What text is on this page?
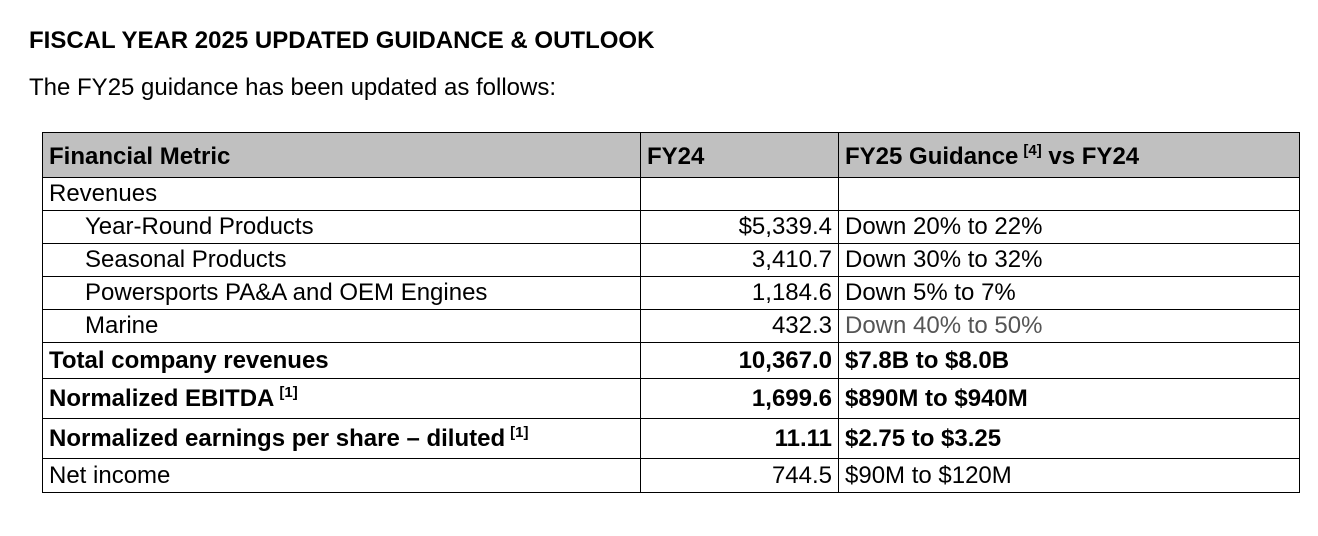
FISCAL YEAR 2025 UPDATED GUIDANCE & OUTLOOK
The FY25 guidance has been updated as follows:
Financial Metric	FY24	FY25 Guidance [4] vs FY24
Revenues		
Year-Round Products	$5,339.4	Down 20% to 22%
Seasonal Products	3,410.7	Down 30% to 32%
Powersports PA&A and OEM Engines	1,184.6	Down 5% to 7%
Marine	432.3	Down 40% to 50%
Total company revenues	10,367.0	$7.8B to $8.0B
Normalized EBITDA [1]	1,699.6	$890M to $940M
Normalized earnings per share – diluted [1]	11.11	$2.75 to $3.25
Net income	744.5	$90M to $120M
